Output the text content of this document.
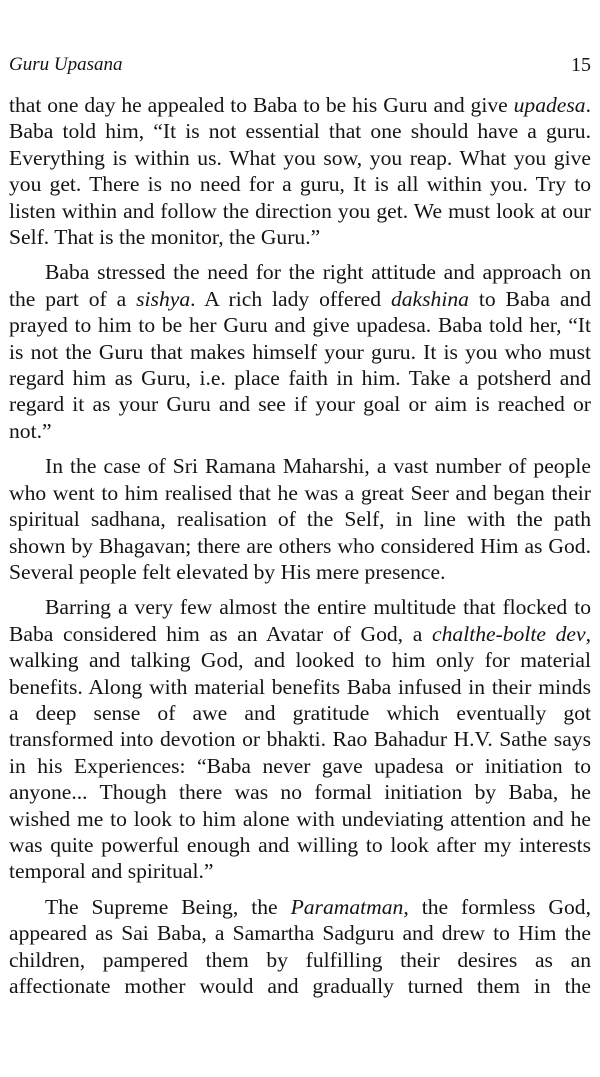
Guru Upasana	15

that one day he appealed to Baba to be his Guru and give upadesa. Baba told him, “It is not essential that one should have a guru. Everything is within us. What you sow, you reap. What you give you get. There is no need for a guru, It is all within you. Try to listen within and follow the direction you get. We must look at our Self. That is the monitor, the Guru.”

Baba stressed the need for the right attitude and approach on the part of a sishya. A rich lady offered dakshina to Baba and prayed to him to be her Guru and give upadesa. Baba told her, “It is not the Guru that makes himself your guru. It is you who must regard him as Guru, i.e. place faith in him. Take a potsherd and regard it as your Guru and see if your goal or aim is reached or not.”

In the case of Sri Ramana Maharshi, a vast number of people who went to him realised that he was a great Seer and began their spiritual sadhana, realisation of the Self, in line with the path shown by Bhagavan; there are others who considered Him as God. Several people felt elevated by His mere presence.

Barring a very few almost the entire multitude that flocked to Baba considered him as an Avatar of God, a chalthe-bolte dev, walking and talking God, and looked to him only for material benefits. Along with material benefits Baba infused in their minds a deep sense of awe and gratitude which eventually got transformed into devotion or bhakti. Rao Bahadur H.V. Sathe says in his Experiences: “Baba never gave upadesa or initiation to anyone... Though there was no formal initiation by Baba, he wished me to look to him alone with undeviating attention and he was quite powerful enough and willing to look after my interests temporal and spiritual.”

The Supreme Being, the Paramatman, the formless God, appeared as Sai Baba, a Samartha Sadguru and drew to Him the children, pampered them by fulfilling their desires as an affectionate mother would and gradually turned them in the
